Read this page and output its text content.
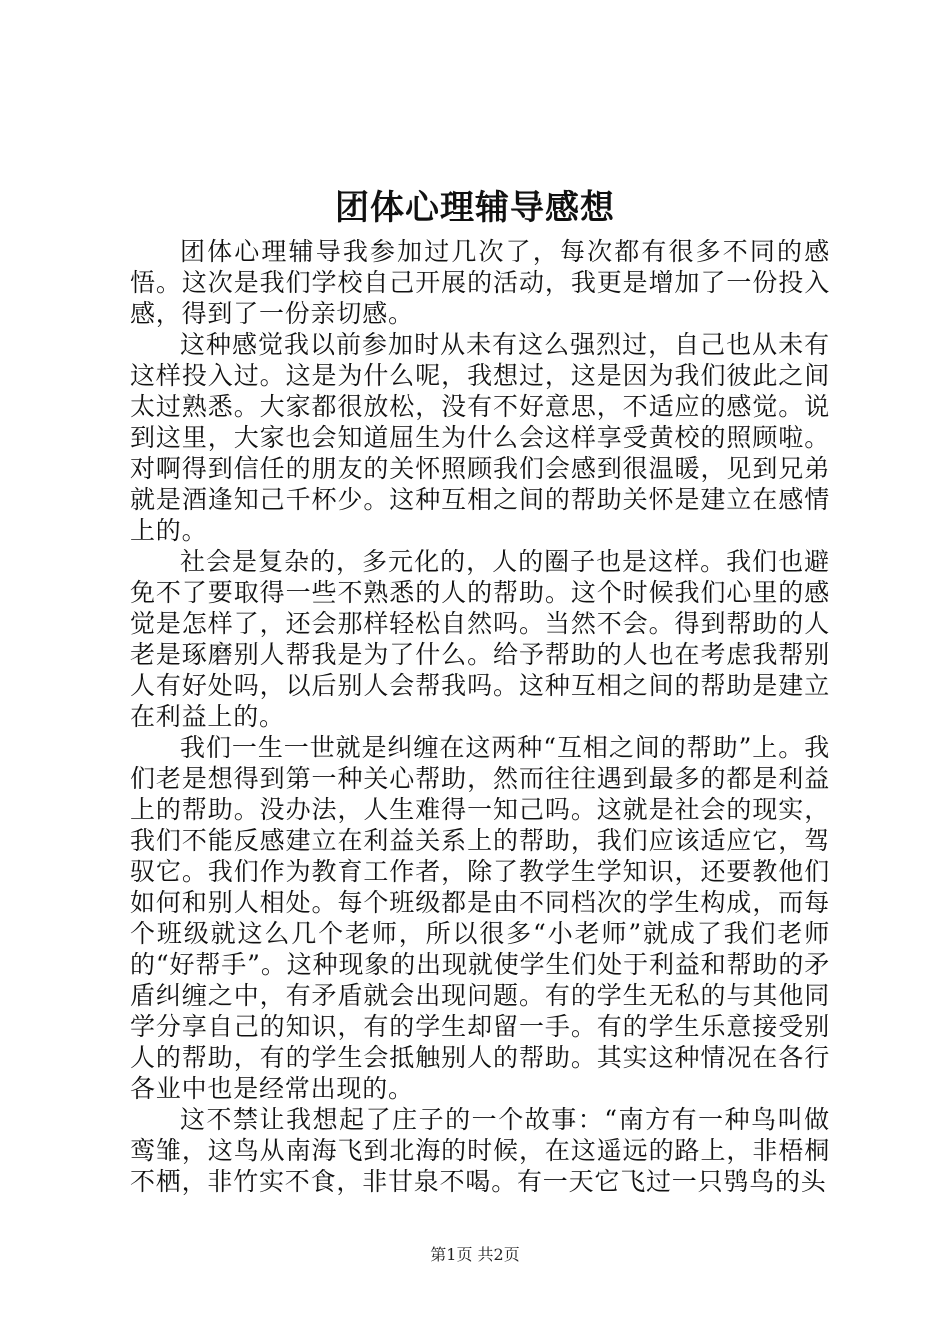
团体心理辅导感想

团体心理辅导我参加过几次了，每次都有很多不同的感悟。这次是我们学校自己开展的活动，我更是增加了一份投入感，得到了一份亲切感。

这种感觉我以前参加时从未有这么强烈过，自己也从未有这样投入过。这是为什么呢，我想过，这是因为我们彼此之间太过熟悉。大家都很放松，没有不好意思，不适应的感觉。说到这里，大家也会知道屈生为什么会这样享受黄校的照顾啦。对啊得到信任的朋友的关怀照顾我们会感到很温暖，见到兄弟就是酒逢知己千杯少。这种互相之间的帮助关怀是建立在感情上的。

社会是复杂的，多元化的，人的圈子也是这样。我们也避免不了要取得一些不熟悉的人的帮助。这个时候我们心里的感觉是怎样了，还会那样轻松自然吗。当然不会。得到帮助的人老是琢磨别人帮我是为了什么。给予帮助的人也在考虑我帮别人有好处吗，以后别人会帮我吗。这种互相之间的帮助是建立在利益上的。

我们一生一世就是纠缠在这两种“互相之间的帮助”上。我们老是想得到第一种关心帮助，然而往往遇到最多的都是利益上的帮助。没办法，人生难得一知己吗。这就是社会的现实，我们不能反感建立在利益关系上的帮助，我们应该适应它，驾驭它。我们作为教育工作者，除了教学生学知识，还要教他们如何和别人相处。每个班级都是由不同档次的学生构成，而每个班级就这么几个老师，所以很多“小老师”就成了我们老师的“好帮手”。这种现象的出现就使学生们处于利益和帮助的矛盾纠缠之中，有矛盾就会出现问题。有的学生无私的与其他同学分享自己的知识，有的学生却留一手。有的学生乐意接受别人的帮助，有的学生会抵触别人的帮助。其实这种情况在各行各业中也是经常出现的。

这不禁让我想起了庄子的一个故事：“南方有一种鸟叫做鸾雏，这鸟从南海飞到北海的时候，在这遥远的路上，非梧桐不栖，非竹实不食，非甘泉不喝。有一天它飞过一只鸮鸟的头

第1页 共2页
